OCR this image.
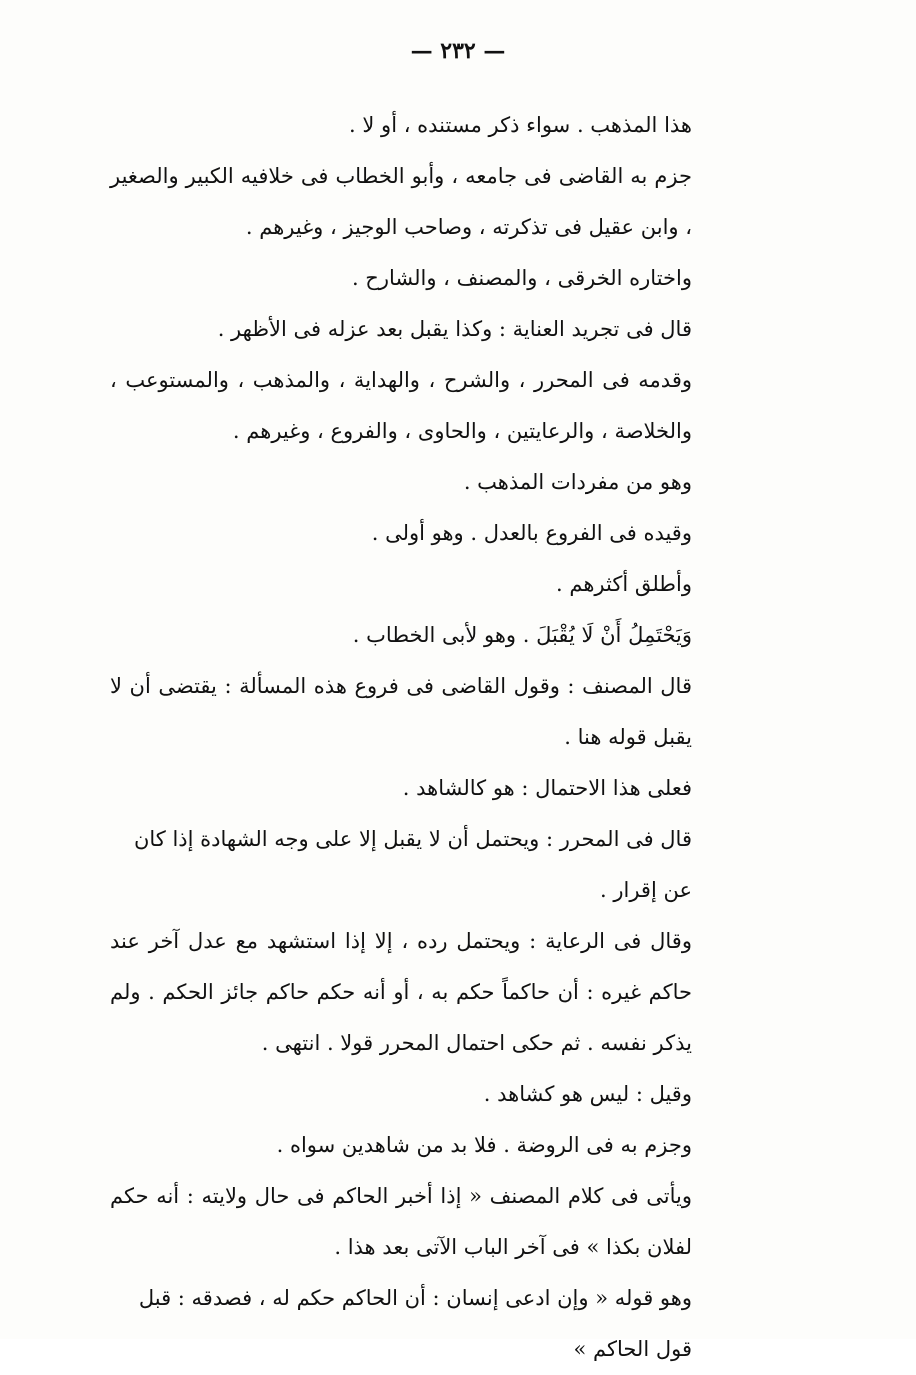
— ٢٣٢ —

هذا المذهب . سواء ذكر مستنده ، أو لا .

جزم به القاضى فى جامعه ، وأبو الخطاب فى خلافيه الكبير والصغير ، وابن عقيل فى تذكرته ، وصاحب الوجيز ، وغيرهم .

واختاره الخرقى ، والمصنف ، والشارح .

قال فى تجريد العناية : وكذا يقبل بعد عزله فى الأظهر .

وقدمه فى المحرر ، والشرح ، والهداية ، والمذهب ، والمستوعب ، والخلاصة ، والرعايتين ، والحاوى ، والفروع ، وغيرهم .

وهو من مفردات المذهب .

وقيده فى الفروع بالعدل . وهو أولى .

وأطلق أكثرهم .

وَيَحْتَمِلُ أَنْ لَا يُقْبَلَ . وهو لأبى الخطاب .

قال المصنف : وقول القاضى فى فروع هذه المسألة : يقتضى أن لا يقبل قوله هنا .

فعلى هذا الاحتمال : هو كالشاهد .

قال فى المحرر : ويحتمل أن لا يقبل إلا على وجه الشهادة إذا كان عن إقرار .

وقال فى الرعاية : ويحتمل رده ، إلا إذا استشهد مع عدل آخر عند حاكم غيره : أن حاكماً حكم به ، أو أنه حكم حاكم جائز الحكم . ولم يذكر نفسه . ثم حكى احتمال المحرر قولا . انتهى .

وقيل : ليس هو كشاهد .

وجزم به فى الروضة . فلا بد من شاهدين سواه .

ويأتى فى كلام المصنف « إذا أخبر الحاكم فى حال ولايته : أنه حكم لفلان بكذا » فى آخر الباب الآتى بعد هذا .

وهو قوله « وإن ادعى إنسان : أن الحاكم حكم له ، فصدقه : قبل قول الحاكم »
